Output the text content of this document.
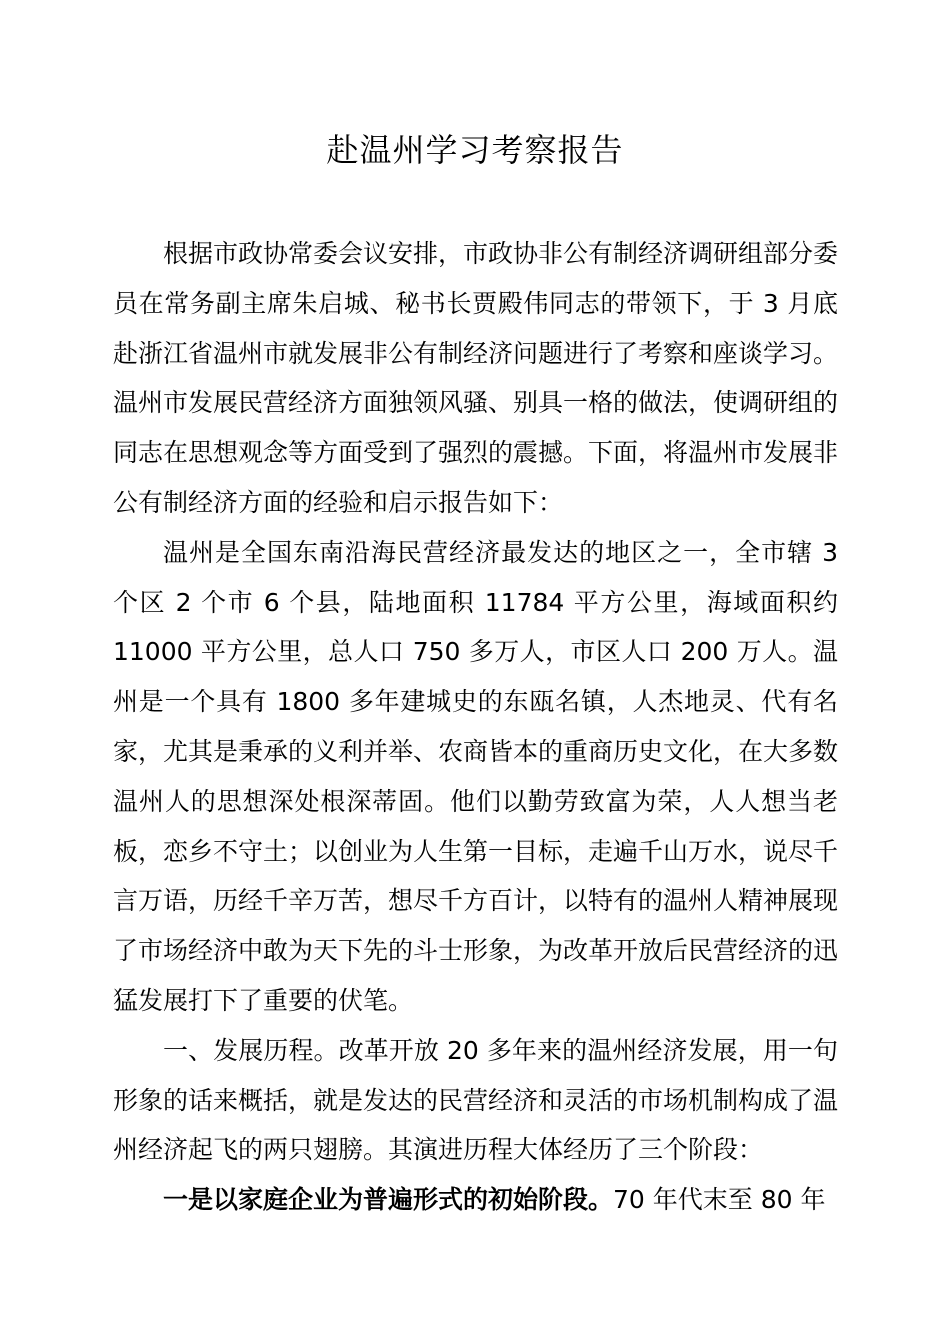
赴温州学习考察报告

根据市政协常委会议安排，市政协非公有制经济调研组部分委员在常务副主席朱启城、秘书长贾殿伟同志的带领下，于 3 月底赴浙江省温州市就发展非公有制经济问题进行了考察和座谈学习。温州市发展民营经济方面独领风骚、别具一格的做法，使调研组的同志在思想观念等方面受到了强烈的震撼。下面，将温州市发展非公有制经济方面的经验和启示报告如下：

温州是全国东南沿海民营经济最发达的地区之一，全市辖 3 个区 2 个市 6 个县，陆地面积 11784 平方公里，海域面积约 11000 平方公里，总人口 750 多万人，市区人口 200 万人。温州是一个具有 1800 多年建城史的东瓯名镇，人杰地灵、代有名家，尤其是秉承的义利并举、农商皆本的重商历史文化，在大多数温州人的思想深处根深蒂固。他们以勤劳致富为荣，人人想当老板，恋乡不守土；以创业为人生第一目标，走遍千山万水，说尽千言万语，历经千辛万苦，想尽千方百计，以特有的温州人精神展现了市场经济中敢为天下先的斗士形象，为改革开放后民营经济的迅猛发展打下了重要的伏笔。

一、发展历程。改革开放 20 多年来的温州经济发展，用一句形象的话来概括，就是发达的民营经济和灵活的市场机制构成了温州经济起飞的两只翅膀。其演进历程大体经历了三个阶段：

一是以家庭企业为普遍形式的初始阶段。70 年代末至 80 年
